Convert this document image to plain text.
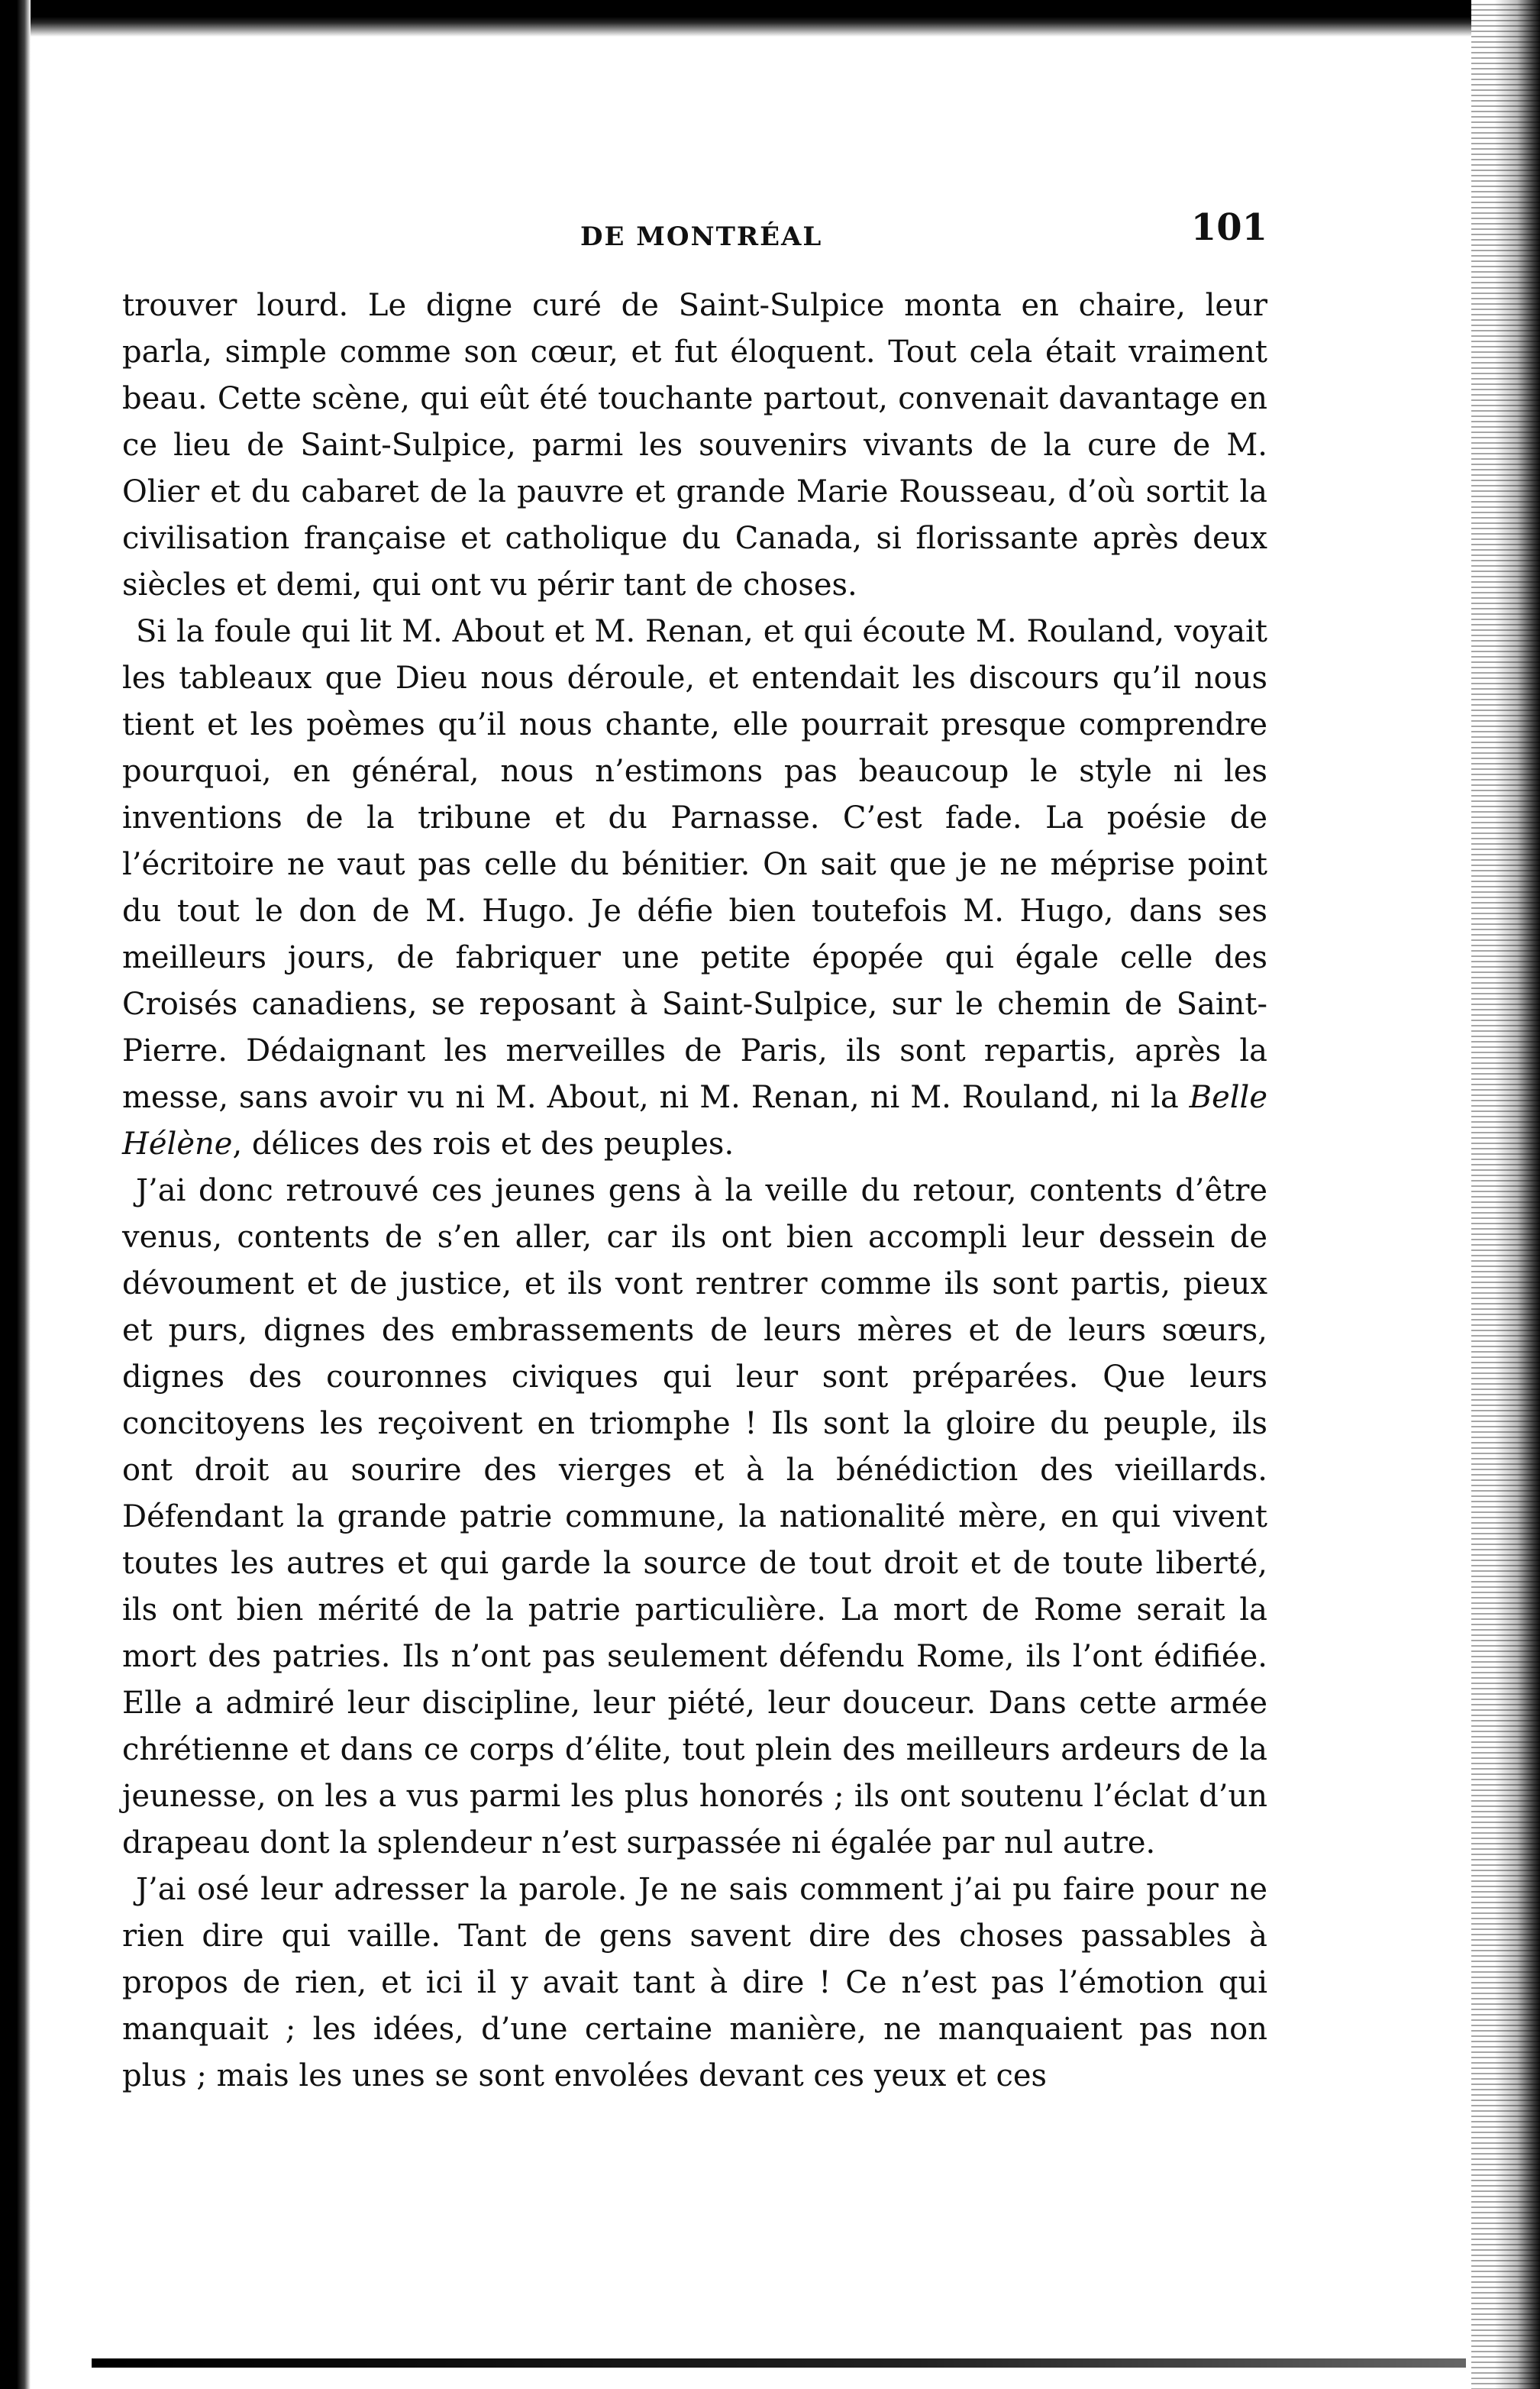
DE MONTRÉAL	101

trouver lourd. Le digne curé de Saint-Sulpice monta en chaire, leur parla, simple comme son cœur, et fut éloquent. Tout cela était vraiment beau. Cette scène, qui eût été touchante partout, convenait davantage en ce lieu de Saint-Sulpice, parmi les souvenirs vivants de la cure de M. Olier et du cabaret de la pauvre et grande Marie Rousseau, d’où sortit la civilisation française et catholique du Canada, si florissante après deux siècles et demi, qui ont vu périr tant de choses.

Si la foule qui lit M. About et M. Renan, et qui écoute M. Rouland, voyait les tableaux que Dieu nous déroule, et entendait les discours qu’il nous tient et les poèmes qu’il nous chante, elle pourrait presque comprendre pourquoi, en général, nous n’estimons pas beaucoup le style ni les inventions de la tribune et du Parnasse. C’est fade. La poésie de l’écritoire ne vaut pas celle du bénitier. On sait que je ne méprise point du tout le don de M. Hugo. Je défie bien toutefois M. Hugo, dans ses meilleurs jours, de fabriquer une petite épopée qui égale celle des Croisés canadiens, se reposant à Saint-Sulpice, sur le chemin de Saint-Pierre. Dédaignant les merveilles de Paris, ils sont repartis, après la messe, sans avoir vu ni M. About, ni M. Renan, ni M. Rouland, ni la Belle Hélène, délices des rois et des peuples.

J’ai donc retrouvé ces jeunes gens à la veille du retour, contents d’être venus, contents de s’en aller, car ils ont bien accompli leur dessein de dévoument et de justice, et ils vont rentrer comme ils sont partis, pieux et purs, dignes des embrassements de leurs mères et de leurs sœurs, dignes des couronnes civiques qui leur sont préparées. Que leurs concitoyens les reçoivent en triomphe ! Ils sont la gloire du peuple, ils ont droit au sourire des vierges et à la bénédiction des vieillards. Défendant la grande patrie commune, la nationalité mère, en qui vivent toutes les autres et qui garde la source de tout droit et de toute liberté, ils ont bien mérité de la patrie particulière. La mort de Rome serait la mort des patries. Ils n’ont pas seulement défendu Rome, ils l’ont édifiée. Elle a admiré leur discipline, leur piété, leur douceur. Dans cette armée chrétienne et dans ce corps d’élite, tout plein des meilleurs ardeurs de la jeunesse, on les a vus parmi les plus honorés ; ils ont soutenu l’éclat d’un drapeau dont la splendeur n’est surpassée ni égalée par nul autre.

J’ai osé leur adresser la parole. Je ne sais comment j’ai pu faire pour ne rien dire qui vaille. Tant de gens savent dire des choses passables à propos de rien, et ici il y avait tant à dire ! Ce n’est pas l’émotion qui manquait ; les idées, d’une certaine manière, ne manquaient pas non plus ; mais les unes se sont envolées devant ces yeux et ces
